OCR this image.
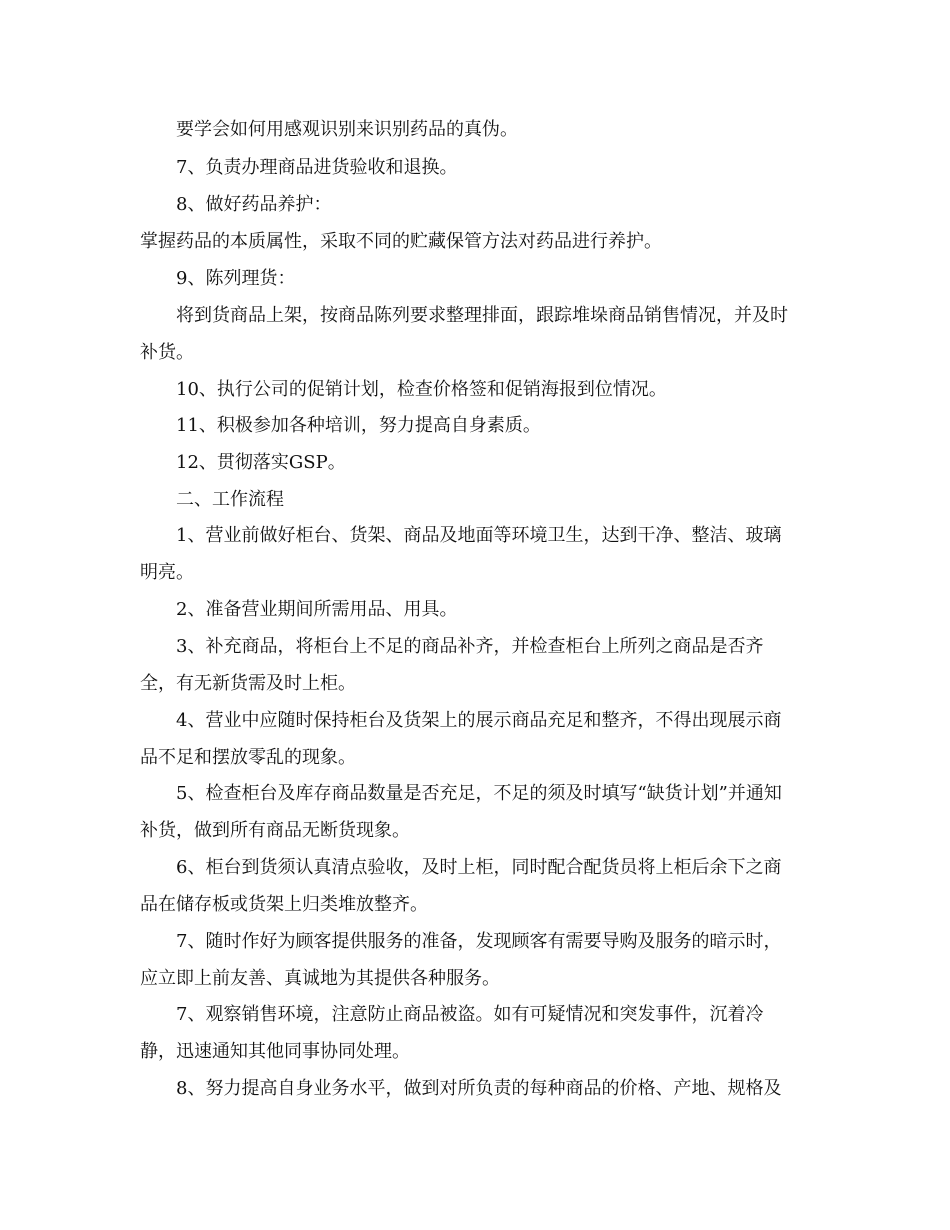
要学会如何用感观识别来识别药品的真伪。
7、负责办理商品进货验收和退换。
8、做好药品养护：
掌握药品的本质属性，采取不同的贮藏保管方法对药品进行养护。
9、陈列理货：
将到货商品上架，按商品陈列要求整理排面，跟踪堆垛商品销售情况，并及时
补货。
10、执行公司的促销计划，检查价格签和促销海报到位情况。
11、积极参加各种培训，努力提高自身素质。
12、贯彻落实GSP。
二、工作流程
1、营业前做好柜台、货架、商品及地面等环境卫生，达到干净、整洁、玻璃
明亮。
2、准备营业期间所需用品、用具。
3、补充商品，将柜台上不足的商品补齐，并检查柜台上所列之商品是否齐
全，有无新货需及时上柜。
4、营业中应随时保持柜台及货架上的展示商品充足和整齐，不得出现展示商
品不足和摆放零乱的现象。
5、检查柜台及库存商品数量是否充足，不足的须及时填写“缺货计划”并通知
补货，做到所有商品无断货现象。
6、柜台到货须认真清点验收，及时上柜，同时配合配货员将上柜后余下之商
品在储存板或货架上归类堆放整齐。
7、随时作好为顾客提供服务的准备，发现顾客有需要导购及服务的暗示时，
应立即上前友善、真诚地为其提供各种服务。
7、观察销售环境，注意防止商品被盗。如有可疑情况和突发事件，沉着冷
静，迅速通知其他同事协同处理。
8、努力提高自身业务水平，做到对所负责的每种商品的价格、产地、规格及
